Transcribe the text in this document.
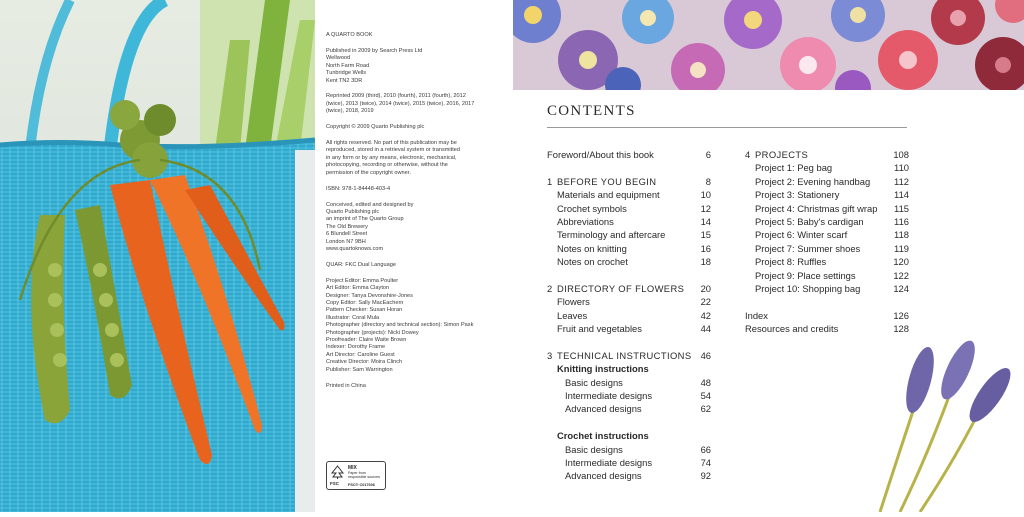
A QUARTO BOOK
Published in 2009 by Search Press Ltd
Wellwood
North Farm Road
Tunbridge Wells
Kent TN2 3DR
Reprinted 2009 (third), 2010 (fourth), 2011 (fourth), 2012
(twice), 2013 (twice), 2014 (twice), 2015 (twice), 2016, 2017
(twice), 2018, 2019
Copyright © 2009 Quarto Publishing plc
All rights reserved. No part of this publication may be
reproduced, stored in a retrieval system or transmitted
in any form or by any means, electronic, mechanical,
photocopying, recording or otherwise, without the
permission of the copyright owner.
ISBN: 978-1-84448-403-4
Conceived, edited and designed by
Quarto Publishing plc
an imprint of The Quarto Group
The Old Brewery
6 Blundell Street
London N7 9BH
www.quartoknows.com
QUAR: FKC Dual Language
Project Editor: Emma Poulter
Art Editor: Emma Clayton
Designer: Tanya Devonshire-Jones
Copy Editor: Sally MacEachern
Pattern Checker: Susan Horan
Illustrator: Coral Mula
Photographer (directory and technical section): Simon Pask
Photographer (projects): Nicki Dowey
Proofreader: Claire Waite Brown
Indexer: Dorothy Frame
Art Director: Caroline Guest
Creative Director: Moira Clinch
Publisher: Sam Warrington
Printed in China
FSC
MIX
Paper from
responsible sources
FSC® C017606
CONTENTS
Foreword/About this book	6
1 BEFORE YOU BEGIN	8
Materials and equipment	10
Crochet symbols	12
Abbreviations	14
Terminology and aftercare	15
Notes on knitting	16
Notes on crochet	18
2 DIRECTORY OF FLOWERS 20
Flowers	22
Leaves	42
Fruit and vegetables	44
3 TECHNICAL INSTRUCTIONS 46
Knitting instructions
Basic designs	48
Intermediate designs	54
Advanced designs	62
Crochet instructions
Basic designs	66
Intermediate designs	74
Advanced designs	92
4 PROJECTS	108
Project 1: Peg bag	110
Project 2: Evening handbag	112
Project 3: Stationery	114
Project 4: Christmas gift wrap 115
Project 5: Baby's cardigan	116
Project 6: Winter scarf	118
Project 7: Summer shoes	119
Project 8: Ruffles	120
Project 9: Place settings	122
Project 10: Shopping bag	124
Index	126
Resources and credits	128
